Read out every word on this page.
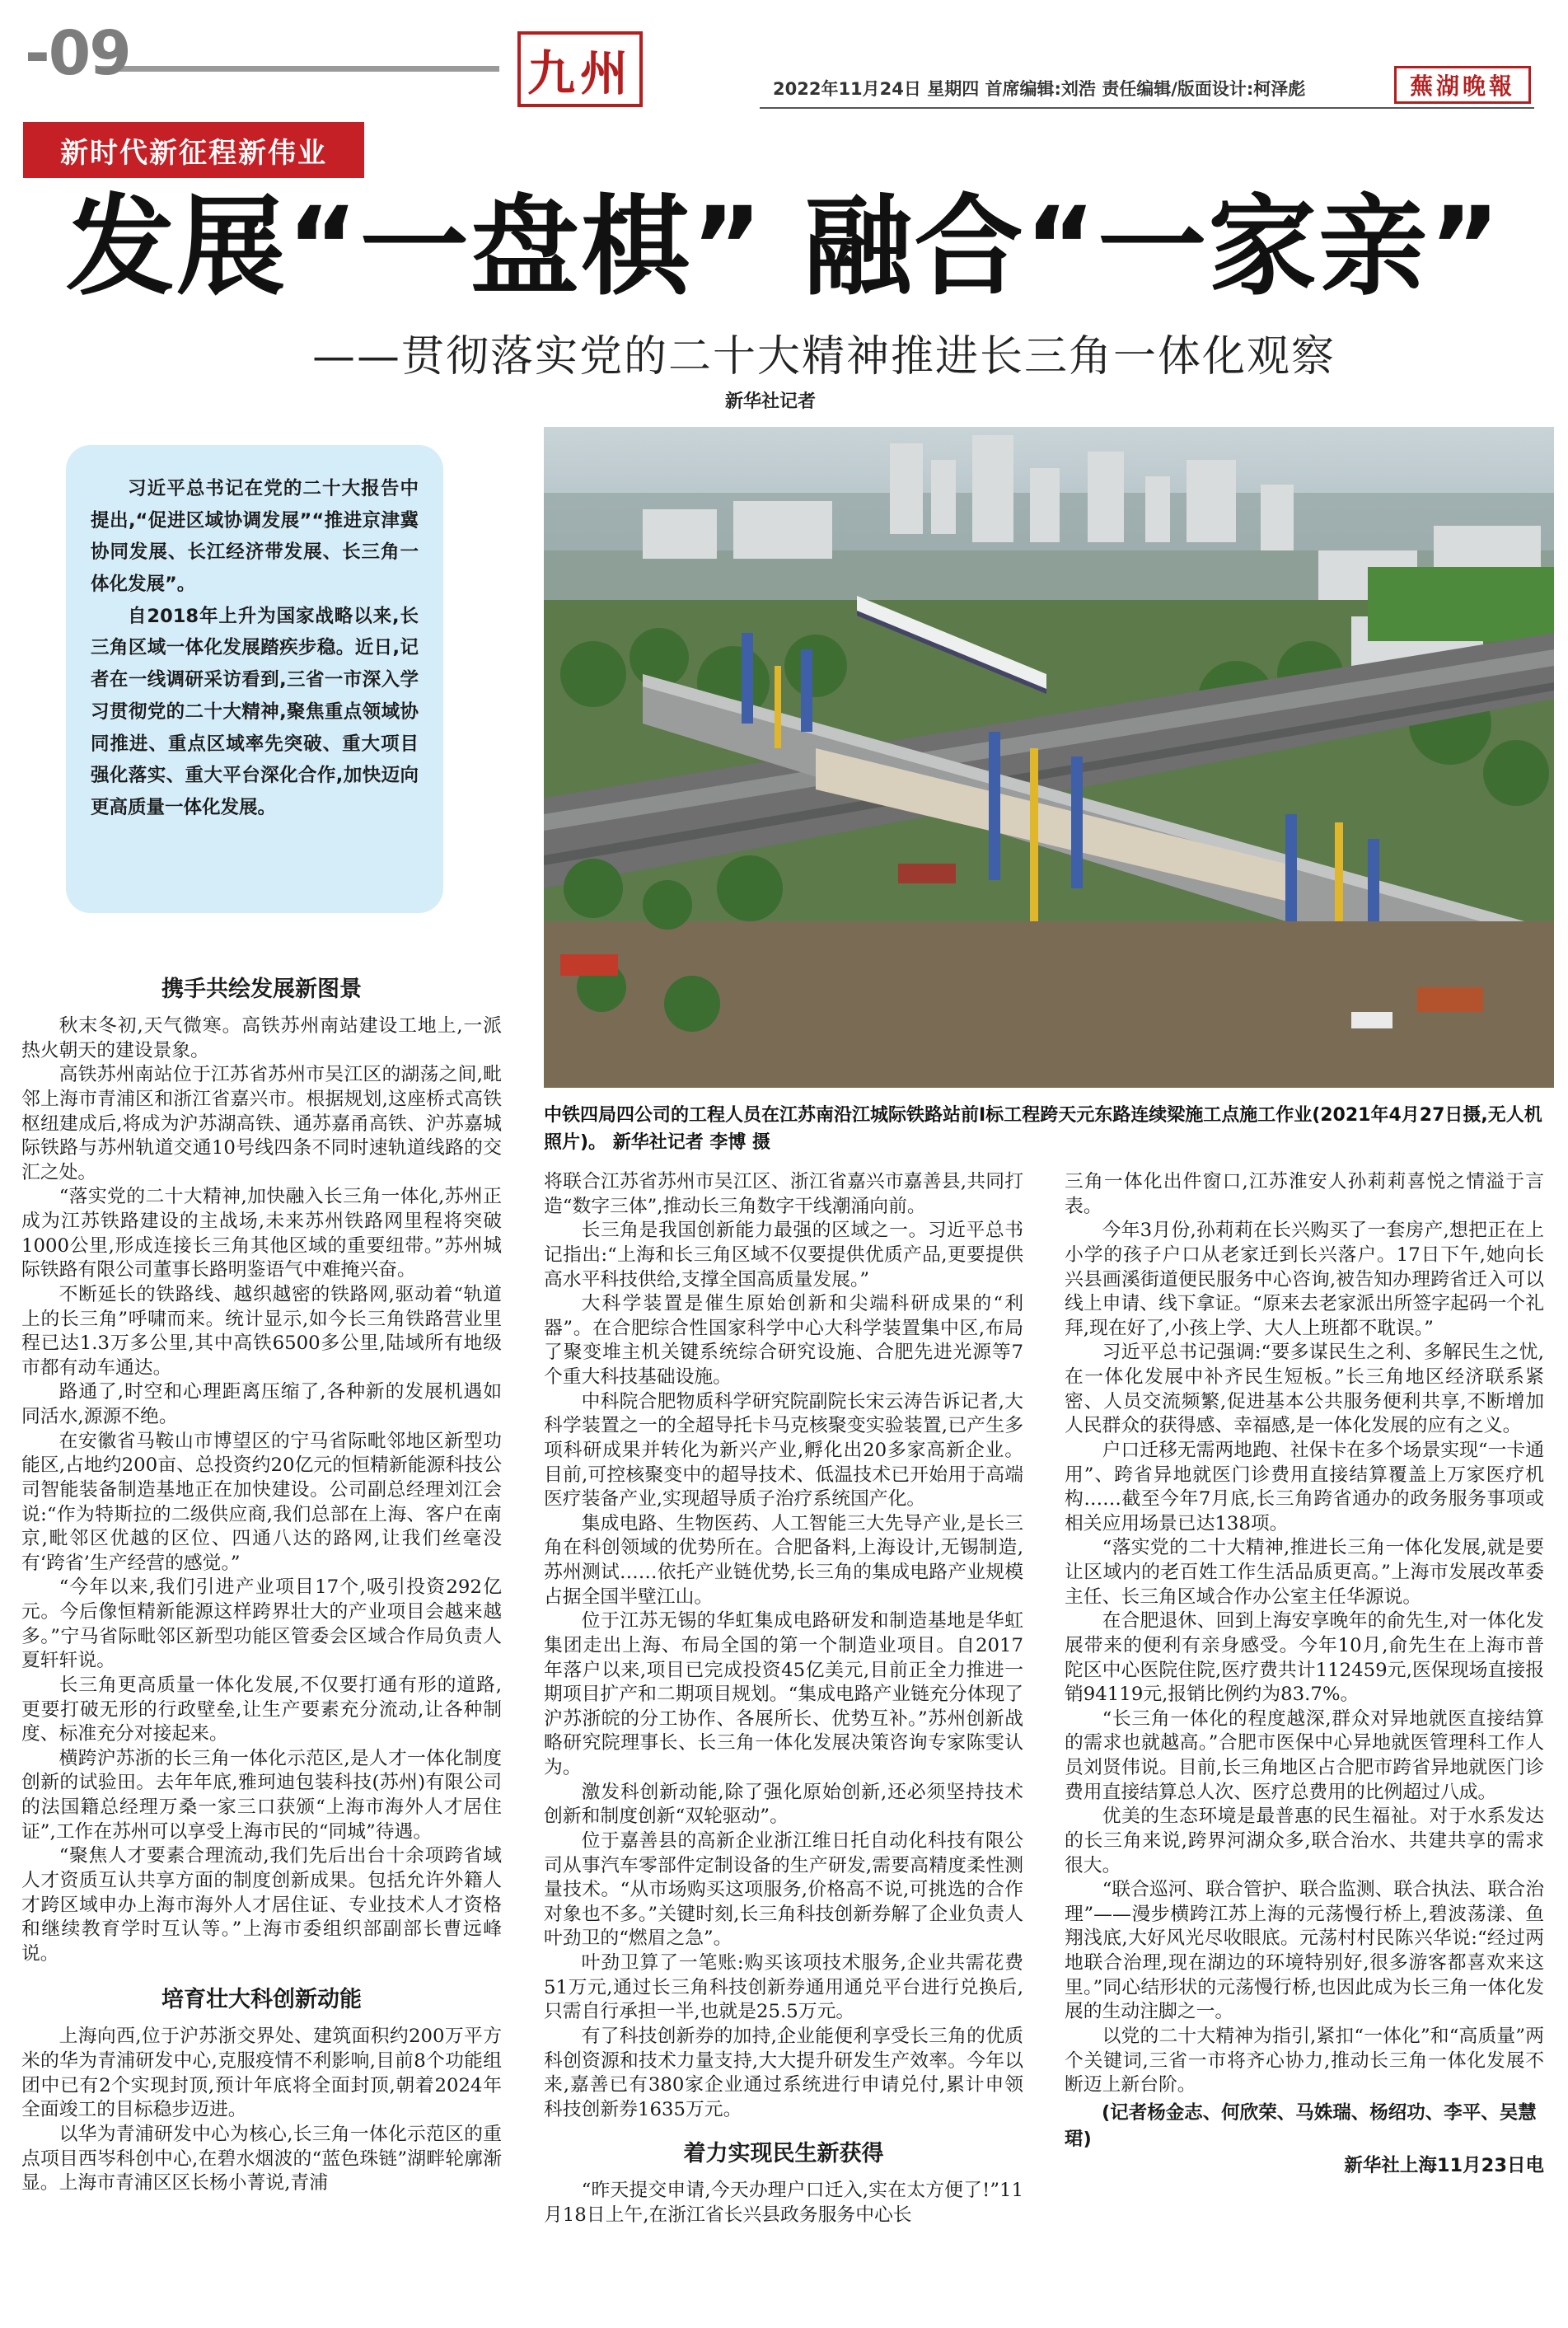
-09	九州	2022年11月24日 星期四 首席编辑:刘浩 责任编辑/版面设计:柯泽彪	蕪湖晚報
新时代新征程新伟业
发展“一盘棋” 融合“一家亲”
——贯彻落实党的二十大精神推进长三角一体化观察
新华社记者

习近平总书记在党的二十大报告中提出,“促进区域协调发展”“推进京津冀协同发展、长江经济带发展、长三角一体化发展”。

自2018年上升为国家战略以来,长三角区域一体化发展踏疾步稳。近日,记者在一线调研采访看到,三省一市深入学习贯彻党的二十大精神,聚焦重点领域协同推进、重点区域率先突破、重大项目强化落实、重大平台深化合作,加快迈向更高质量一体化发展。

中铁四局四公司的工程人员在江苏南沿江城际铁路站前Ⅰ标工程跨天元东路连续梁施工点施工作业(2021年4月27日摄,无人机照片)。 新华社记者 李博 摄
携手共绘发展新图景

秋末冬初,天气微寒。高铁苏州南站建设工地上,一派热火朝天的建设景象。

高铁苏州南站位于江苏省苏州市吴江区的湖荡之间,毗邻上海市青浦区和浙江省嘉兴市。根据规划,这座桥式高铁枢纽建成后,将成为沪苏湖高铁、通苏嘉甬高铁、沪苏嘉城际铁路与苏州轨道交通10号线四条不同时速轨道线路的交汇之处。

“落实党的二十大精神,加快融入长三角一体化,苏州正成为江苏铁路建设的主战场,未来苏州铁路网里程将突破1000公里,形成连接长三角其他区域的重要纽带。”苏州城际铁路有限公司董事长路明鉴语气中难掩兴奋。

不断延长的铁路线、越织越密的铁路网,驱动着“轨道上的长三角”呼啸而来。统计显示,如今长三角铁路营业里程已达1.3万多公里,其中高铁6500多公里,陆域所有地级市都有动车通达。

路通了,时空和心理距离压缩了,各种新的发展机遇如同活水,源源不绝。

在安徽省马鞍山市博望区的宁马省际毗邻地区新型功能区,占地约200亩、总投资约20亿元的恒精新能源科技公司智能装备制造基地正在加快建设。公司副总经理刘江会说:“作为特斯拉的二级供应商,我们总部在上海、客户在南京,毗邻区优越的区位、四通八达的路网,让我们丝毫没有‘跨省’生产经营的感觉。”

“今年以来,我们引进产业项目17个,吸引投资292亿元。今后像恒精新能源这样跨界壮大的产业项目会越来越多。”宁马省际毗邻区新型功能区管委会区域合作局负责人夏轩轩说。

长三角更高质量一体化发展,不仅要打通有形的道路,更要打破无形的行政壁垒,让生产要素充分流动,让各种制度、标准充分对接起来。

横跨沪苏浙的长三角一体化示范区,是人才一体化制度创新的试验田。去年年底,雅珂迪包装科技(苏州)有限公司的法国籍总经理万桑一家三口获颁“上海市海外人才居住证”,工作在苏州可以享受上海市民的“同城”待遇。

“聚焦人才要素合理流动,我们先后出台十余项跨省域人才资质互认共享方面的制度创新成果。包括允许外籍人才跨区域申办上海市海外人才居住证、专业技术人才资格和继续教育学时互认等。”上海市委组织部副部长曹远峰说。

培育壮大科创新动能

上海向西,位于沪苏浙交界处、建筑面积约200万平方米的华为青浦研发中心,克服疫情不利影响,目前8个功能组团中已有2个实现封顶,预计年底将全面封顶,朝着2024年全面竣工的目标稳步迈进。

以华为青浦研发中心为核心,长三角一体化示范区的重点项目西岑科创中心,在碧水烟波的“蓝色珠链”湖畔轮廓渐显。上海市青浦区区长杨小菁说,青浦

将联合江苏省苏州市吴江区、浙江省嘉兴市嘉善县,共同打造“数字三体”,推动长三角数字干线潮涌向前。

长三角是我国创新能力最强的区域之一。习近平总书记指出:“上海和长三角区域不仅要提供优质产品,更要提供高水平科技供给,支撑全国高质量发展。”

大科学装置是催生原始创新和尖端科研成果的“利器”。在合肥综合性国家科学中心大科学装置集中区,布局了聚变堆主机关键系统综合研究设施、合肥先进光源等7个重大科技基础设施。

中科院合肥物质科学研究院副院长宋云涛告诉记者,大科学装置之一的全超导托卡马克核聚变实验装置,已产生多项科研成果并转化为新兴产业,孵化出20多家高新企业。目前,可控核聚变中的超导技术、低温技术已开始用于高端医疗装备产业,实现超导质子治疗系统国产化。

集成电路、生物医药、人工智能三大先导产业,是长三角在科创领域的优势所在。合肥备料,上海设计,无锡制造,苏州测试……依托产业链优势,长三角的集成电路产业规模占据全国半壁江山。

位于江苏无锡的华虹集成电路研发和制造基地是华虹集团走出上海、布局全国的第一个制造业项目。自2017年落户以来,项目已完成投资45亿美元,目前正全力推进一期项目扩产和二期项目规划。“集成电路产业链充分体现了沪苏浙皖的分工协作、各展所长、优势互补。”苏州创新战略研究院理事长、长三角一体化发展决策咨询专家陈雯认为。

激发科创新动能,除了强化原始创新,还必须坚持技术创新和制度创新“双轮驱动”。

位于嘉善县的高新企业浙江维日托自动化科技有限公司从事汽车零部件定制设备的生产研发,需要高精度柔性测量技术。“从市场购买这项服务,价格高不说,可挑选的合作对象也不多。”关键时刻,长三角科技创新券解了企业负责人叶劲卫的“燃眉之急”。

叶劲卫算了一笔账:购买该项技术服务,企业共需花费51万元,通过长三角科技创新券通用通兑平台进行兑换后,只需自行承担一半,也就是25.5万元。

有了科技创新券的加持,企业能便利享受长三角的优质科创资源和技术力量支持,大大提升研发生产效率。今年以来,嘉善已有380家企业通过系统进行申请兑付,累计申领科技创新券1635万元。

着力实现民生新获得

“昨天提交申请,今天办理户口迁入,实在太方便了!”11月18日上午,在浙江省长兴县政务服务中心长

三角一体化出件窗口,江苏淮安人孙莉莉喜悦之情溢于言表。

今年3月份,孙莉莉在长兴购买了一套房产,想把正在上小学的孩子户口从老家迁到长兴落户。17日下午,她向长兴县画溪街道便民服务中心咨询,被告知办理跨省迁入可以线上申请、线下拿证。“原来去老家派出所签字起码一个礼拜,现在好了,小孩上学、大人上班都不耽误。”

习近平总书记强调:“要多谋民生之利、多解民生之忧,在一体化发展中补齐民生短板。”长三角地区经济联系紧密、人员交流频繁,促进基本公共服务便利共享,不断增加人民群众的获得感、幸福感,是一体化发展的应有之义。

户口迁移无需两地跑、社保卡在多个场景实现“一卡通用”、跨省异地就医门诊费用直接结算覆盖上万家医疗机构……截至今年7月底,长三角跨省通办的政务服务事项或相关应用场景已达138项。

“落实党的二十大精神,推进长三角一体化发展,就是要让区域内的老百姓工作生活品质更高。”上海市发展改革委主任、长三角区域合作办公室主任华源说。

在合肥退休、回到上海安享晚年的俞先生,对一体化发展带来的便利有亲身感受。今年10月,俞先生在上海市普陀区中心医院住院,医疗费共计112459元,医保现场直接报销94119元,报销比例约为83.7%。

“长三角一体化的程度越深,群众对异地就医直接结算的需求也就越高。”合肥市医保中心异地就医管理科工作人员刘贤伟说。目前,长三角地区占合肥市跨省异地就医门诊费用直接结算总人次、医疗总费用的比例超过八成。

优美的生态环境是最普惠的民生福祉。对于水系发达的长三角来说,跨界河湖众多,联合治水、共建共享的需求很大。

“联合巡河、联合管护、联合监测、联合执法、联合治理”——漫步横跨江苏上海的元荡慢行桥上,碧波荡漾、鱼翔浅底,大好风光尽收眼底。元荡村村民陈兴华说:“经过两地联合治理,现在湖边的环境特别好,很多游客都喜欢来这里。”同心结形状的元荡慢行桥,也因此成为长三角一体化发展的生动注脚之一。

以党的二十大精神为指引,紧扣“一体化”和“高质量”两个关键词,三省一市将齐心协力,推动长三角一体化发展不断迈上新台阶。

(记者杨金志、何欣荣、马姝瑞、杨绍功、李平、吴慧珺)

新华社上海11月23日电
